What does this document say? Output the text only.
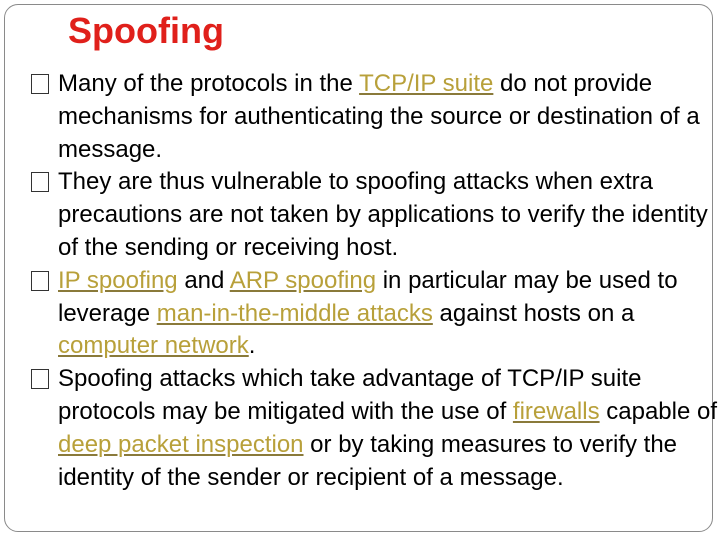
Spoofing

Many of the protocols in the TCP/IP suite do not provide mechanisms for authenticating the source or destination of a message.

They are thus vulnerable to spoofing attacks when extra precautions are not taken by applications to verify the identity of the sending or receiving host.

IP spoofing and ARP spoofing in particular may be used to leverage man-in-the-middle attacks against hosts on a computer network.

Spoofing attacks which take advantage of TCP/IP suite protocols may be mitigated with the use of firewalls capable of deep packet inspection or by taking measures to verify the identity of the sender or recipient of a message.
